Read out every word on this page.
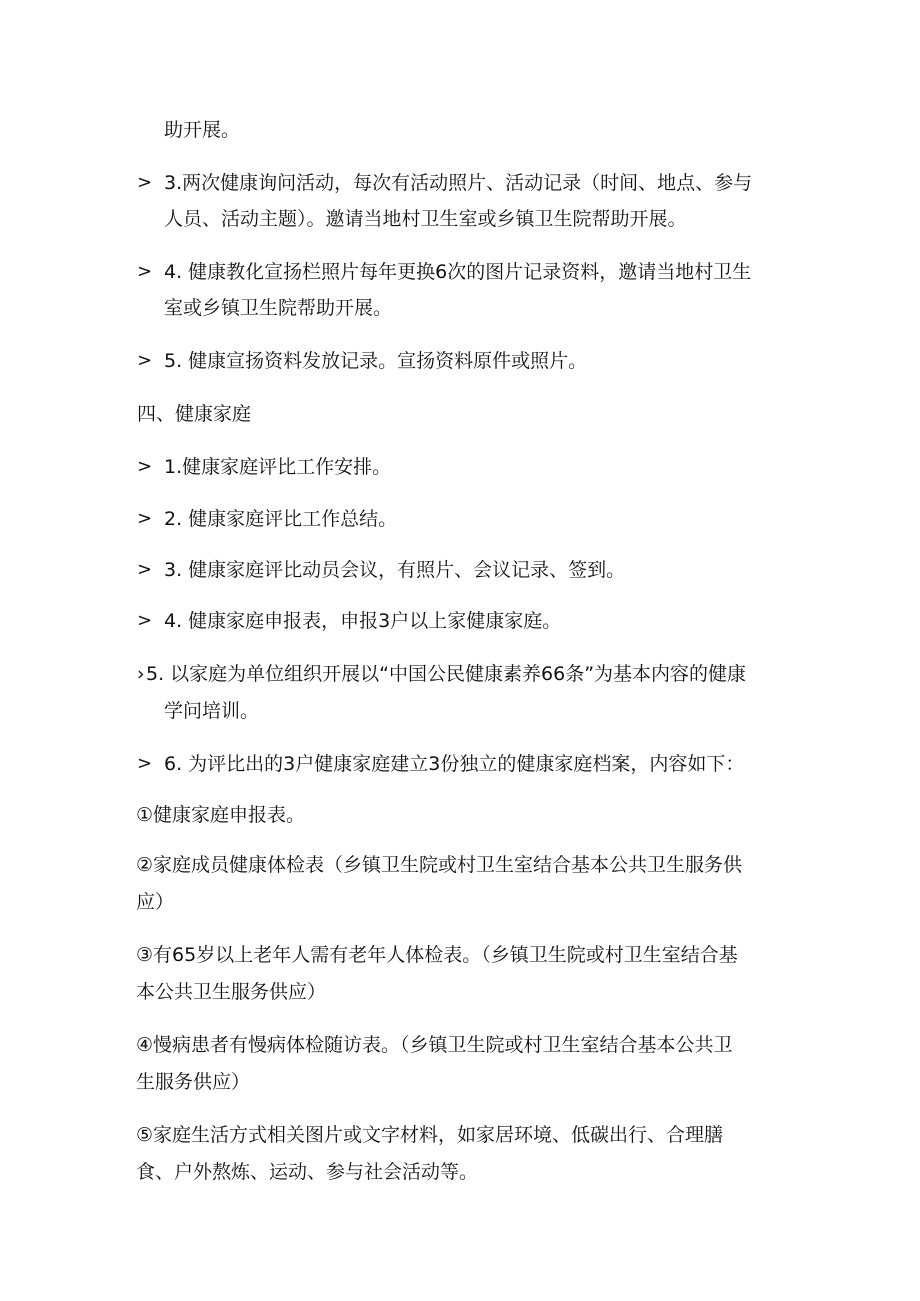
助开展。
> 3.两次健康询问活动，每次有活动照片、活动记录（时间、地点、参与
人员、活动主题）。邀请当地村卫生室或乡镇卫生院帮助开展。
> 4. 健康教化宣扬栏照片每年更换6次的图片记录资料，邀请当地村卫生
室或乡镇卫生院帮助开展。
> 5. 健康宣扬资料发放记录。宣扬资料原件或照片。
四、健康家庭
> 1.健康家庭评比工作安排。
> 2. 健康家庭评比工作总结。
> 3. 健康家庭评比动员会议，有照片、会议记录、签到。
> 4. 健康家庭申报表，申报3户以上家健康家庭。
› 5. 以家庭为单位组织开展以“中国公民健康素养66条”为基本内容的健康
学问培训。
> 6. 为评比出的3户健康家庭建立3份独立的健康家庭档案，内容如下：
①健康家庭申报表。
②家庭成员健康体检表（乡镇卫生院或村卫生室结合基本公共卫生服务供
应）
③有65岁以上老年人需有老年人体检表。（乡镇卫生院或村卫生室结合基
本公共卫生服务供应）
④慢病患者有慢病体检随访表。（乡镇卫生院或村卫生室结合基本公共卫
生服务供应）
⑤家庭生活方式相关图片或文字材料，如家居环境、低碳出行、合理膳
食、户外熬炼、运动、参与社会活动等。
